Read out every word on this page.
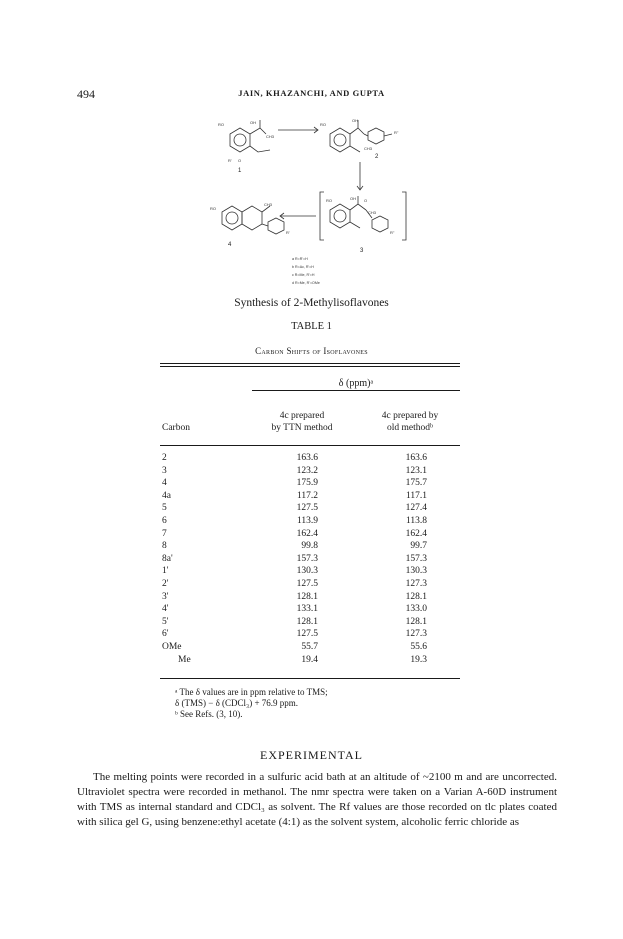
494	JAIN, KHAZANCHI, AND GUPTA
RO	OH
CH3
R' O
RO
OH
R''
CH3
RO	OH O
CH3
R''
RO
CH3
R'
1
2
3
4
a R=R'=H
b R=Ac, R'=H
c R=Me, R'=H
d R=Me, R'=OMe
Synthesis of 2-Methylisoflavones
TABLE 1
Carbon Shifts of Isoflavones
δ (ppm)ᵃ
Carbon
4c prepared
by TTN method
4c prepared by
old methodᵇ
2	163.6	163.6
3	123.2	123.1
4	175.9	175.7
4a	117.2	117.1
5	127.5	127.4
6	113.9	113.8
7	162.4	162.4
8	99.8	99.7
8a'	157.3	157.3
1'	130.3	130.3
2'	127.5	127.3
3'	128.1	128.1
4'	133.1	133.0
5'	128.1	128.1
6'	127.5	127.3
OMe	55.7	55.6
Me	19.4	19.3
ᵃ The δ values are in ppm relative to TMS;
δ (TMS) − δ (CDCl₃) + 76.9 ppm.
ᵇ See Refs. (3, 10).
EXPERIMENTAL
The melting points were recorded in a sulfuric acid bath at an altitude of ~2100 m and are uncorrected. Ultraviolet spectra were recorded in methanol. The nmr spectra were taken on a Varian A-60D instrument with TMS as internal standard and CDCl₃ as solvent. The Rf values are those recorded on tlc plates coated with silica gel G, using benzene:ethyl acetate (4:1) as the solvent system, alcoholic ferric chloride as
